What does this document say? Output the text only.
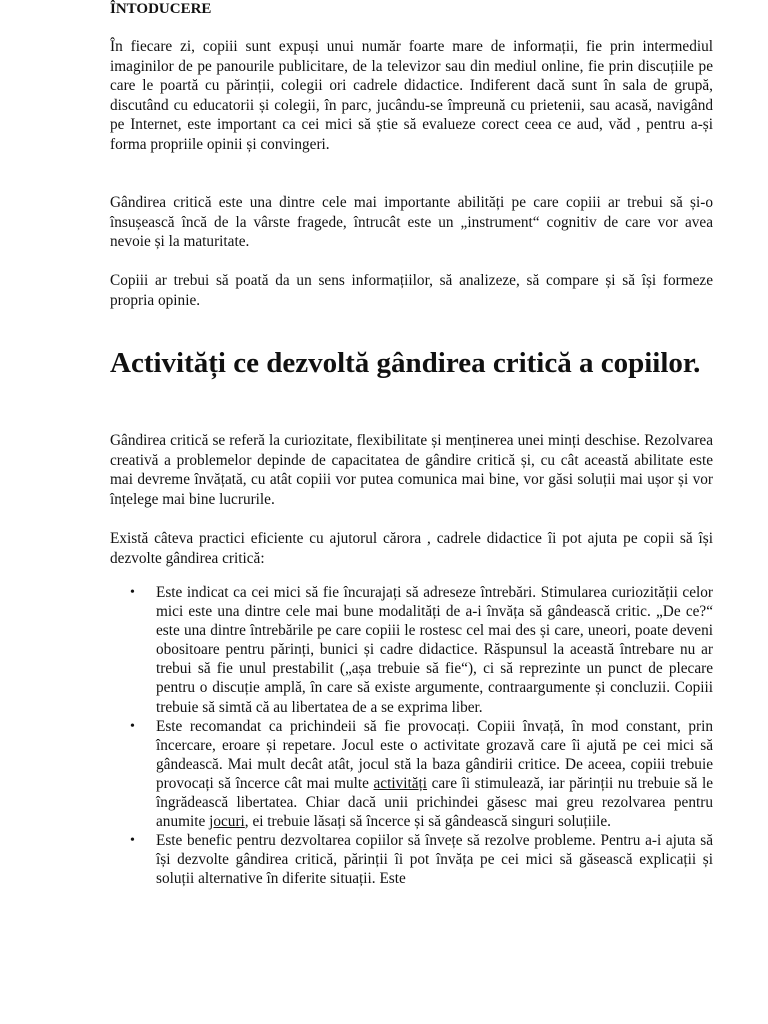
ÎNTODUCERE

În fiecare zi, copiii sunt expuși unui număr foarte mare de informații, fie prin intermediul imaginilor de pe panourile publicitare, de la televizor sau din mediul online, fie prin discuțiile pe care le poartă cu părinții, colegii ori cadrele didactice. Indiferent dacă sunt în sala de grupă, discutând cu educatorii și colegii, în parc, jucându-se împreună cu prietenii, sau acasă, navigând pe Internet, este important ca cei mici să știe să evalueze corect ceea ce aud, văd , pentru a-și forma propriile opinii și convingeri.

Gândirea critică este una dintre cele mai importante abilități pe care copiii ar trebui să și-o însușească încă de la vârste fragede, întrucât este un „instrument“ cognitiv de care vor avea nevoie și la maturitate.

Copiii ar trebui să poată da un sens informațiilor, să analizeze, să compare și să își formeze propria opinie.

Activități ce dezvoltă gândirea critică a copiilor.

Gândirea critică se referă la curiozitate, flexibilitate și menținerea unei minți deschise. Rezolvarea creativă a problemelor depinde de capacitatea de gândire critică și, cu cât această abilitate este mai devreme învățată, cu atât copiii vor putea comunica mai bine, vor găsi soluții mai ușor și vor înțelege mai bine lucrurile.

Există câteva practici eficiente cu ajutorul cărora , cadrele didactice îi pot ajuta pe copii să își dezvolte gândirea critică:

• Este indicat ca cei mici să fie încurajați să adreseze întrebări. Stimularea curiozității celor mici este una dintre cele mai bune modalități de a-i învăța să gândească critic. „De ce?“ este una dintre întrebările pe care copiii le rostesc cel mai des și care, uneori, poate deveni obositoare pentru părinți, bunici și cadre didactice. Răspunsul la această întrebare nu ar trebui să fie unul prestabilit („așa trebuie să fie“), ci să reprezinte un punct de plecare pentru o discuție amplă, în care să existe argumente, contraargumente și concluzii. Copiii trebuie să simtă că au libertatea de a se exprima liber.
• Este recomandat ca prichindeii să fie provocați. Copiii învață, în mod constant, prin încercare, eroare și repetare. Jocul este o activitate grozavă care îi ajută pe cei mici să gândească. Mai mult decât atât, jocul stă la baza gândirii critice. De aceea, copiii trebuie provocați să încerce cât mai multe activități care îi stimulează, iar părinții nu trebuie să le îngrădească libertatea. Chiar dacă unii prichindei găsesc mai greu rezolvarea pentru anumite jocuri, ei trebuie lăsați să încerce și să gândească singuri soluțiile.
• Este benefic pentru dezvoltarea copiilor să învețe să rezolve probleme. Pentru a-i ajuta să își dezvolte gândirea critică, părinții îi pot învăța pe cei mici să găsească explicații și soluții alternative în diferite situații. Este
